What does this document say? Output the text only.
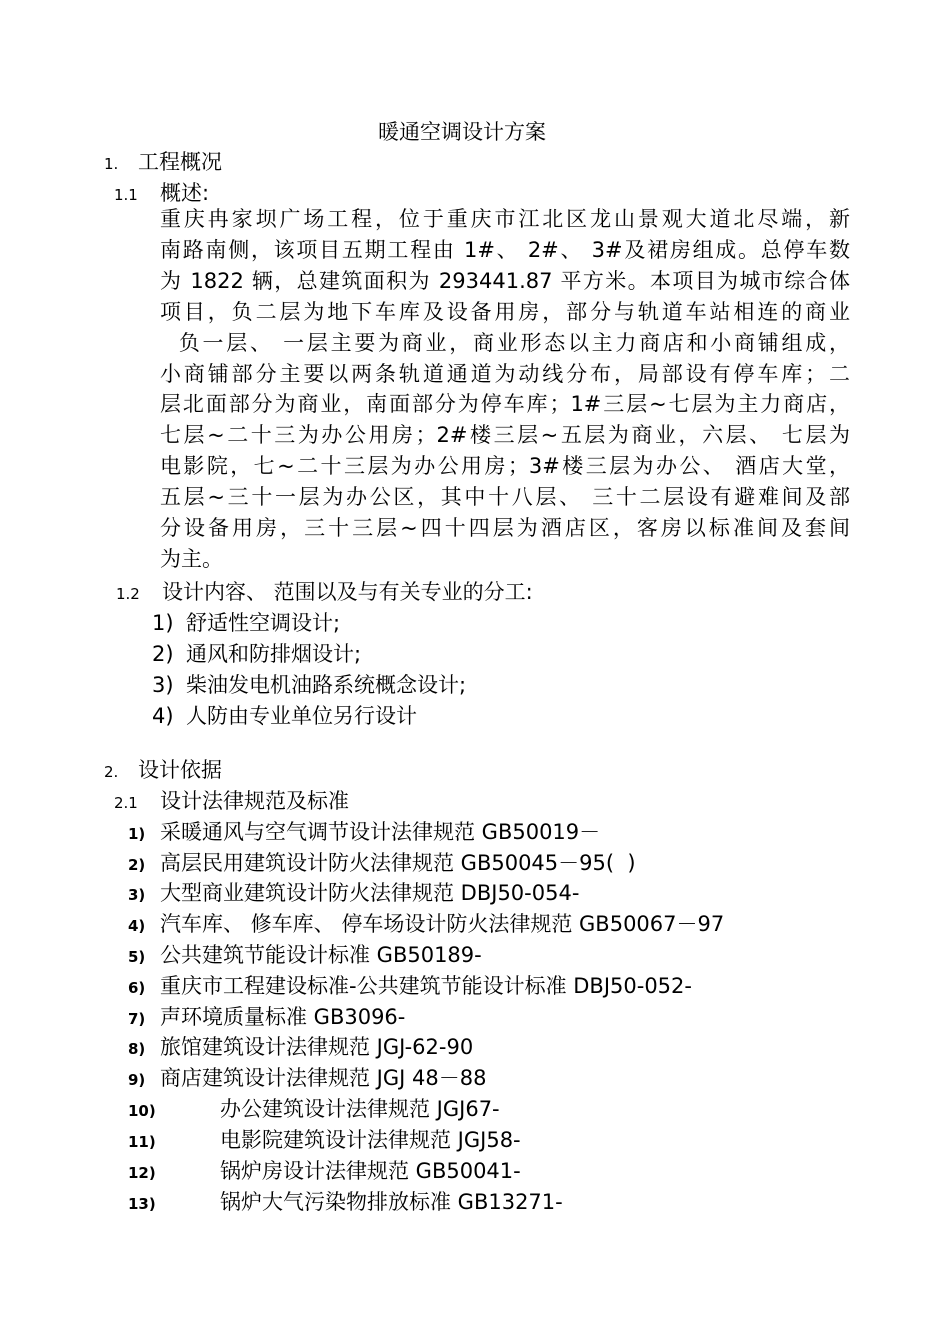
暖通空调设计方案
1. 工程概况
1.1 概述:
重庆冉家坝广场工程，位于重庆市江北区龙山景观大道北尽端，新
南路南侧，该项目五期工程由 1#、 2#、 3#及裙房组成。总停车数
为 1822 辆，总建筑面积为 293441.87 平方米。本项目为城市综合体
项目，负二层为地下车库及设备用房，部分与轨道车站相连的商业
负一层、 一层主要为商业，商业形态以主力商店和小商铺组成，
小商铺部分主要以两条轨道通道为动线分布，局部设有停车库；二
层北面部分为商业，南面部分为停车库；1#三层~七层为主力商店，
七层~二十三为办公用房；2#楼三层~五层为商业，六层、 七层为
电影院，七~二十三层为办公用房；3#楼三层为办公、 酒店大堂，
五层~三十一层为办公区，其中十八层、 三十二层设有避难间及部
分设备用房，三十三层~四十四层为酒店区，客房以标准间及套间
为主。
1.2 设计内容、 范围以及与有关专业的分工:
1) 舒适性空调设计;
2) 通风和防排烟设计;
3) 柴油发电机油路系统概念设计;
4) 人防由专业单位另行设计
2. 设计依据
2.1 设计法律规范及标准
1) 采暖通风与空气调节设计法律规范 GB50019－
2) 高层民用建筑设计防火法律规范 GB50045－95(  )
3) 大型商业建筑设计防火法律规范 DBJ50-054-
4) 汽车库、 修车库、 停车场设计防火法律规范 GB50067－97
5) 公共建筑节能设计标准 GB50189-
6) 重庆市工程建设标准-公共建筑节能设计标准 DBJ50-052-
7) 声环境质量标准 GB3096-
8) 旅馆建筑设计法律规范 JGJ-62-90
9) 商店建筑设计法律规范 JGJ 48－88
10)	办公建筑设计法律规范 JGJ67-
11)	电影院建筑设计法律规范 JGJ58-
12)	锅炉房设计法律规范 GB50041-
13)	锅炉大气污染物排放标准 GB13271-
